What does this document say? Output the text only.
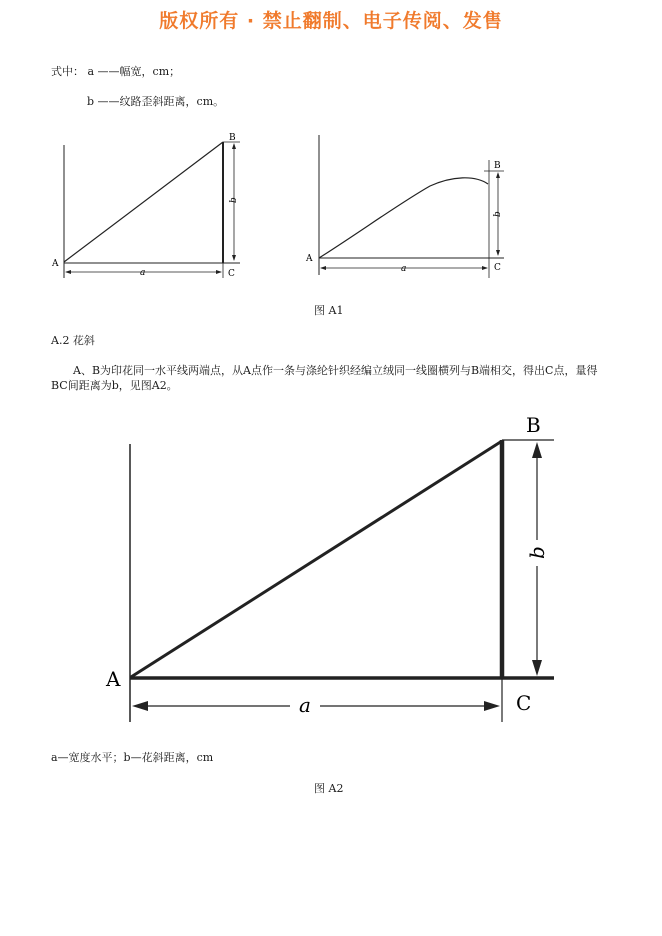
版权所有 · 禁止翻制、电子传阅、发售
式中： a ——幅宽，cm；
b ——纹路歪斜距离，cm。
A
B
C
a
b
A
B
C
a
b
图 A1
A.2 花斜
A、B为印花同一水平线两端点，从A点作一条与涤纶针织经编立绒同一线圈横列与B端相交，得出C点，量得BC间距离为b，见图A2。
A
B
C
a
b
a—宽度水平；b—花斜距离，cm
图 A2
